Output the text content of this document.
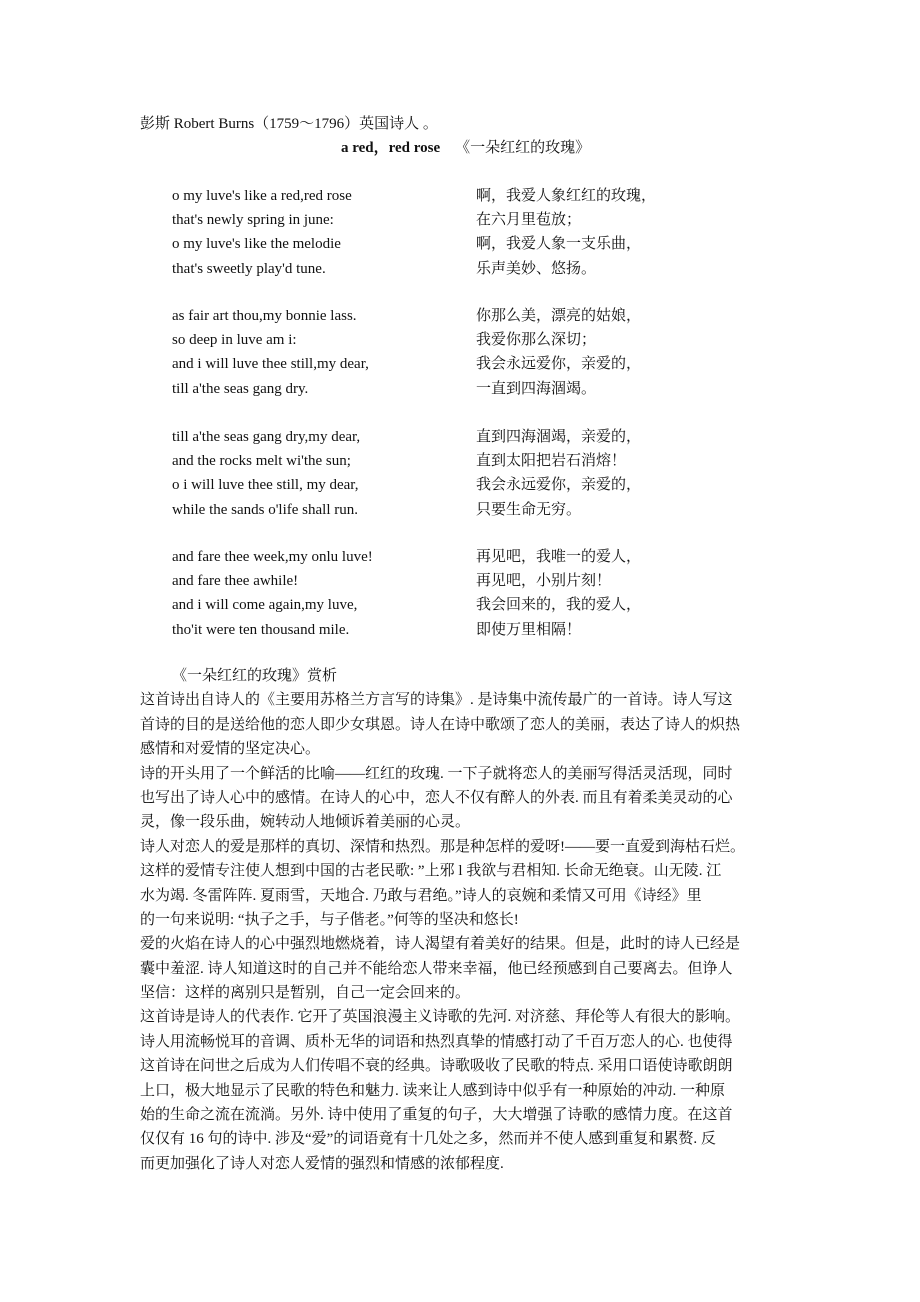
彭斯 Robert Burns（1759～1796）英国诗人 。
a red，red rose 《一朵红红的玫瑰》
o my luve's like a red,red rose	啊，我爱人象红红的玫瑰，
that's newly spring in june:	在六月里苞放；
o my luve's like the melodie	啊，我爱人象一支乐曲，
that's sweetly play'd tune.	乐声美妙、悠扬。
as fair art thou,my bonnie lass.	你那么美，漂亮的姑娘，
so deep in luve am i:	我爱你那么深切；
and i will luve thee still,my dear,	我会永远爱你，亲爱的，
till a'the seas gang dry.	一直到四海涸竭。
till a'the seas gang dry,my dear,	直到四海涸竭，亲爱的，
and the rocks melt wi'the sun;	直到太阳把岩石消熔！
o i will luve thee still, my dear,	我会永远爱你，亲爱的，
while the sands o'life shall run.	只要生命无穷。
and fare thee week,my onlu luve!	再见吧，我唯一的爱人，
and fare thee awhile!	再见吧，小别片刻！
and i will come again,my luve,	我会回来的，我的爱人，
tho'it were ten thousand mile.	即使万里相隔！
《一朵红红的玫瑰》赏析
这首诗出自诗人的《主要用苏格兰方言写的诗集》. 是诗集中流传最广的一首诗。诗人写这
首诗的目的是送给他的恋人即少女琪恩。诗人在诗中歌颂了恋人的美丽，表达了诗人的炽热
感情和对爱情的坚定决心。
诗的开头用了一个鲜活的比喻——红红的玫瑰. 一下子就将恋人的美丽写得活灵活现，同时
也写出了诗人心中的感情。在诗人的心中，恋人不仅有醉人的外表. 而且有着柔美灵动的心
灵，像一段乐曲，婉转动人地倾诉着美丽的心灵。
诗人对恋人的爱是那样的真切、深情和热烈。那是种怎样的爱呀!——要一直爱到海枯石烂。
这样的爱情专注使人想到中国的古老民歌: ”上邪 l 我欲与君相知. 长命无绝衰。山无陵. 江
水为竭. 冬雷阵阵. 夏雨雪，天地合. 乃敢与君绝。”诗人的哀婉和柔情又可用《诗经》里
的一句来说明: “执子之手，与子偕老。”何等的坚决和悠长!
爱的火焰在诗人的心中强烈地燃烧着，诗人渴望有着美好的结果。但是，此时的诗人已经是
囊中羞涩. 诗人知道这时的自己并不能给恋人带来幸福，他已经预感到自己要离去。但诤人
坚信：这样的离别只是暂别，自己一定会回来的。
这首诗是诗人的代表作. 它开了英国浪漫主义诗歌的先河. 对济慈、拜伦等人有很大的影响。
诗人用流畅悦耳的音调、质朴无华的词语和热烈真挚的情感打动了千百万恋人的心. 也使得
这首诗在问世之后成为人们传唱不衰的经典。诗歌吸收了民歌的特点. 采用口语使诗歌朗朗
上口，极大地显示了民歌的特色和魅力. 读来让人感到诗中似乎有一种原始的冲动. 一种原
始的生命之流在流淌。另外. 诗中使用了重复的句子，大大增强了诗歌的感情力度。在这首
仅仅有 16 句的诗中. 涉及“爱”的词语竟有十几处之多，然而并不使人感到重复和累赘. 反
而更加强化了诗人对恋人爱情的强烈和情感的浓郁程度.
